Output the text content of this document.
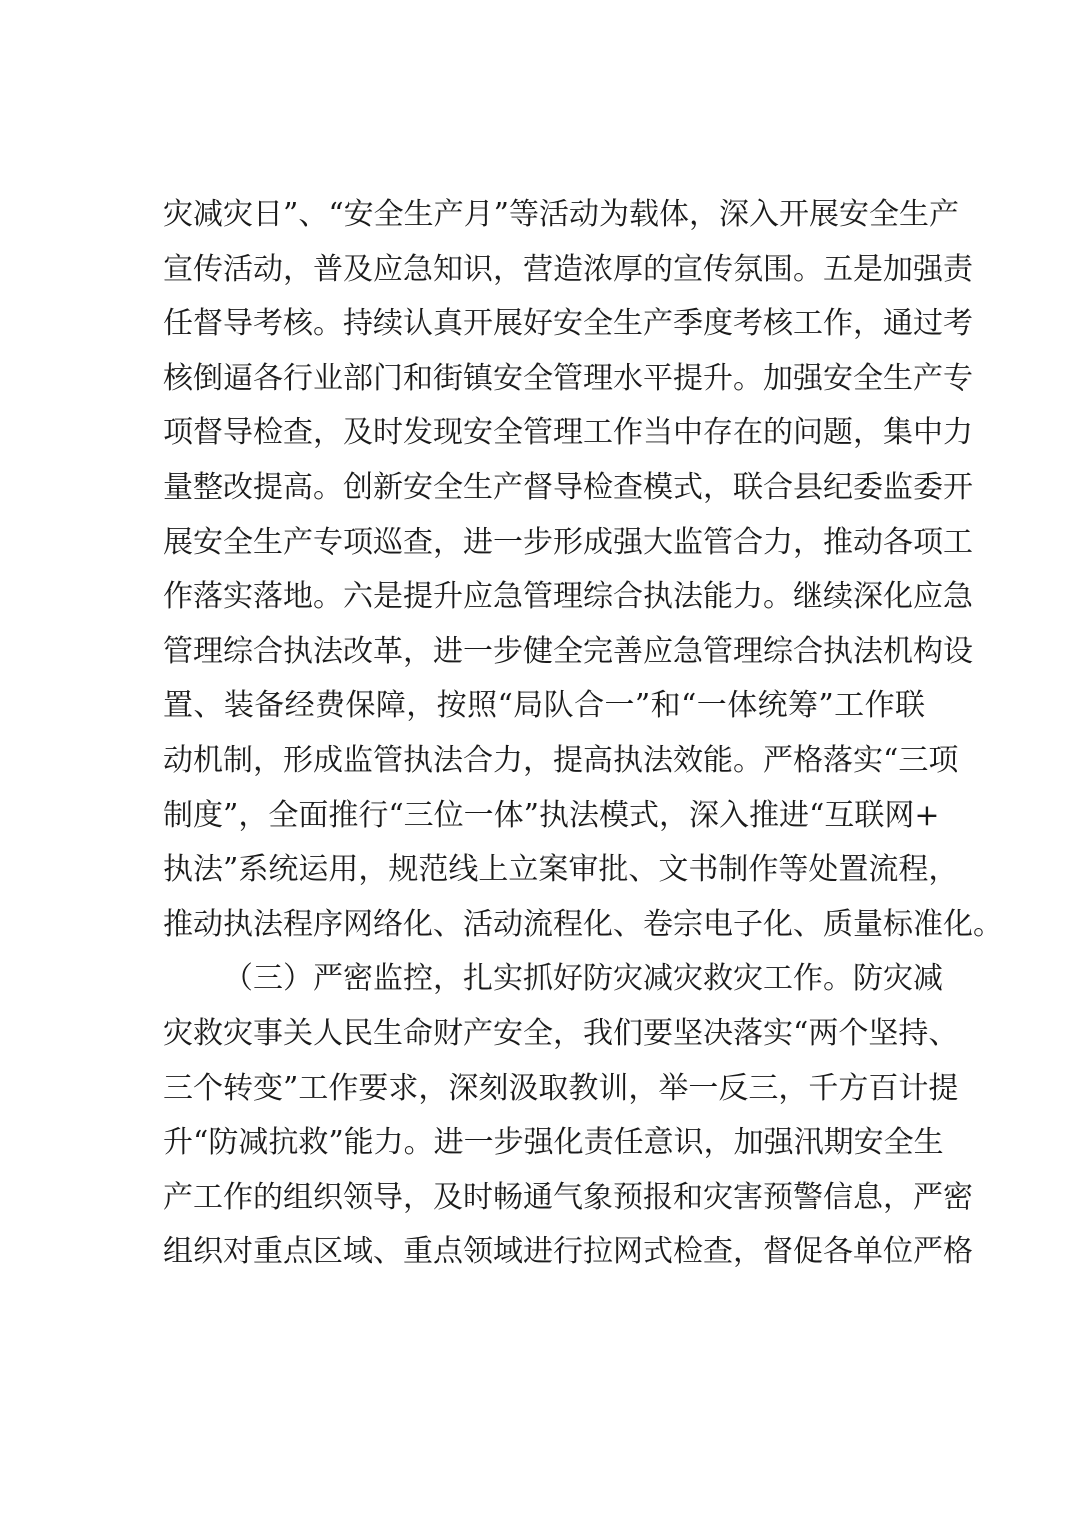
灾减灾日”、“安全生产月”等活动为载体，深入开展安全生产
宣传活动，普及应急知识，营造浓厚的宣传氛围。五是加强责
任督导考核。持续认真开展好安全生产季度考核工作，通过考
核倒逼各行业部门和街镇安全管理水平提升。加强安全生产专
项督导检查，及时发现安全管理工作当中存在的问题，集中力
量整改提高。创新安全生产督导检查模式，联合县纪委监委开
展安全生产专项巡查，进一步形成强大监管合力，推动各项工
作落实落地。六是提升应急管理综合执法能力。继续深化应急
管理综合执法改革，进一步健全完善应急管理综合执法机构设
置、装备经费保障，按照“局队合一”和“一体统筹”工作联
动机制，形成监管执法合力，提高执法效能。严格落实“三项
制度”，全面推行“三位一体”执法模式，深入推进“互联网+
执法”系统运用，规范线上立案审批、文书制作等处置流程，
推动执法程序网络化、活动流程化、卷宗电子化、质量标准化。
（三）严密监控，扎实抓好防灾减灾救灾工作。防灾减
灾救灾事关人民生命财产安全，我们要坚决落实“两个坚持、
三个转变”工作要求，深刻汲取教训，举一反三，千方百计提
升“防减抗救”能力。进一步强化责任意识，加强汛期安全生
产工作的组织领导，及时畅通气象预报和灾害预警信息，严密
组织对重点区域、重点领域进行拉网式检查，督促各单位严格
